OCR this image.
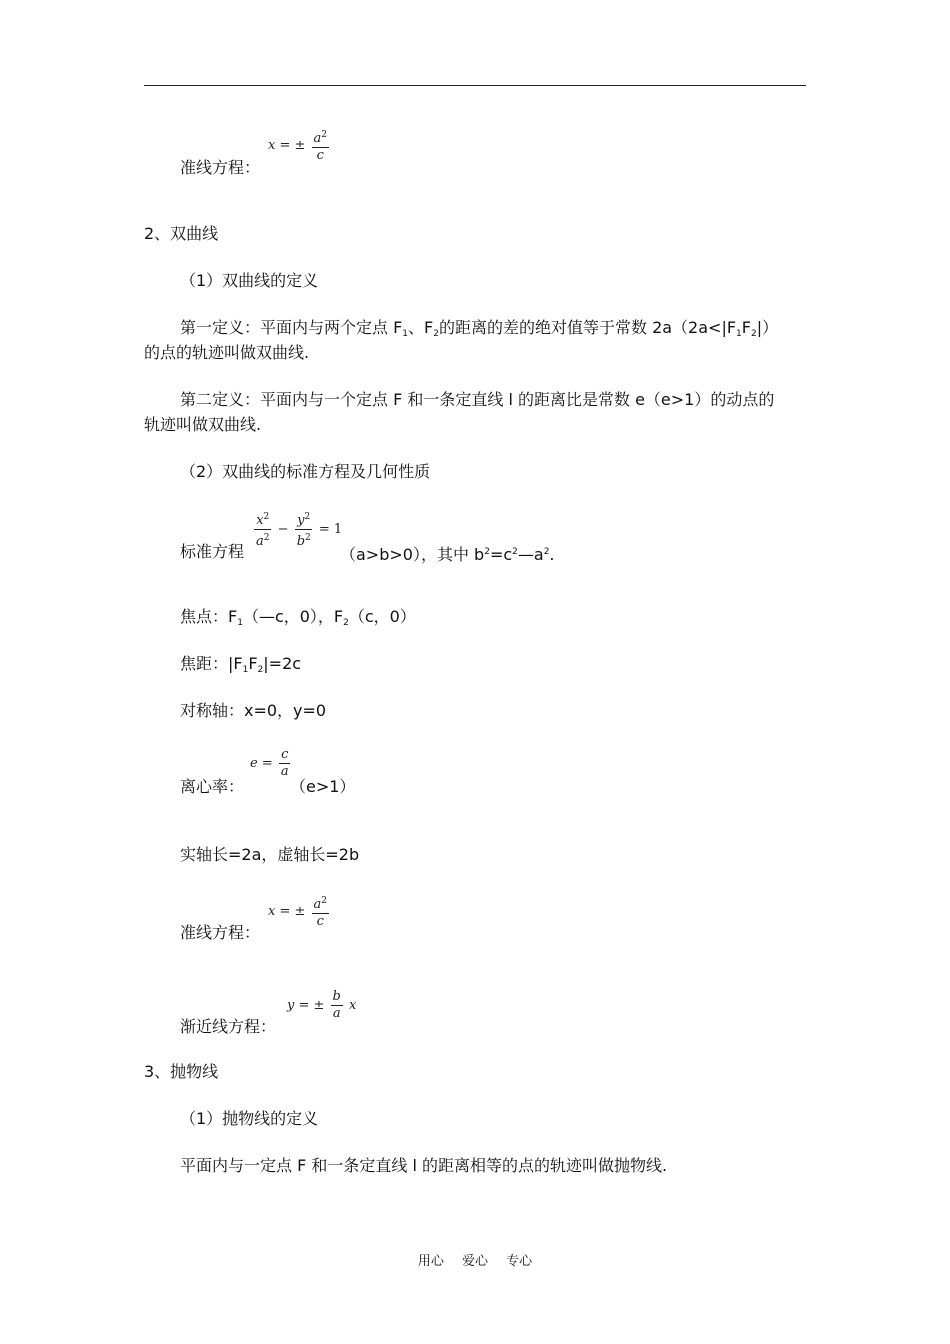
x = ± $\frac{a^2}{c}$
准线方程：
2、双曲线
（1）双曲线的定义
第一定义：平面内与两个定点 $F_1$、$F_2$的距离的差的绝对值等于常数 $2a(2a<|F_1F_2|)$
的点的轨迹叫做双曲线.
第二定义：平面内与一个定点 F 和一条定直线 l 的距离比是常数 e（e>1）的动点的
轨迹叫做双曲线.
（2）双曲线的标准方程及几何性质
$\frac{x^2}{a^2} - \frac{y^2}{b^2} = 1$
标准方程	（a>b>0），其中 $b^2=c^2—a^2$.
焦点：$F_1(—c$，0），$F_2(c$，0）
焦距：$|F_1F_2|=2c$
对称轴：x=0，y=0
$e = \frac{c}{a}$
离心率：	（e>1）
实轴长=2a，虚轴长=2b
x = ± $\frac{a^2}{c}$
准线方程：
y = ± $\frac{b}{a}$ x
渐近线方程：
3、抛物线
（1）抛物线的定义
平面内与一定点 F 和一条定直线 l 的距离相等的点的轨迹叫做抛物线.
用心 爱心 专心
